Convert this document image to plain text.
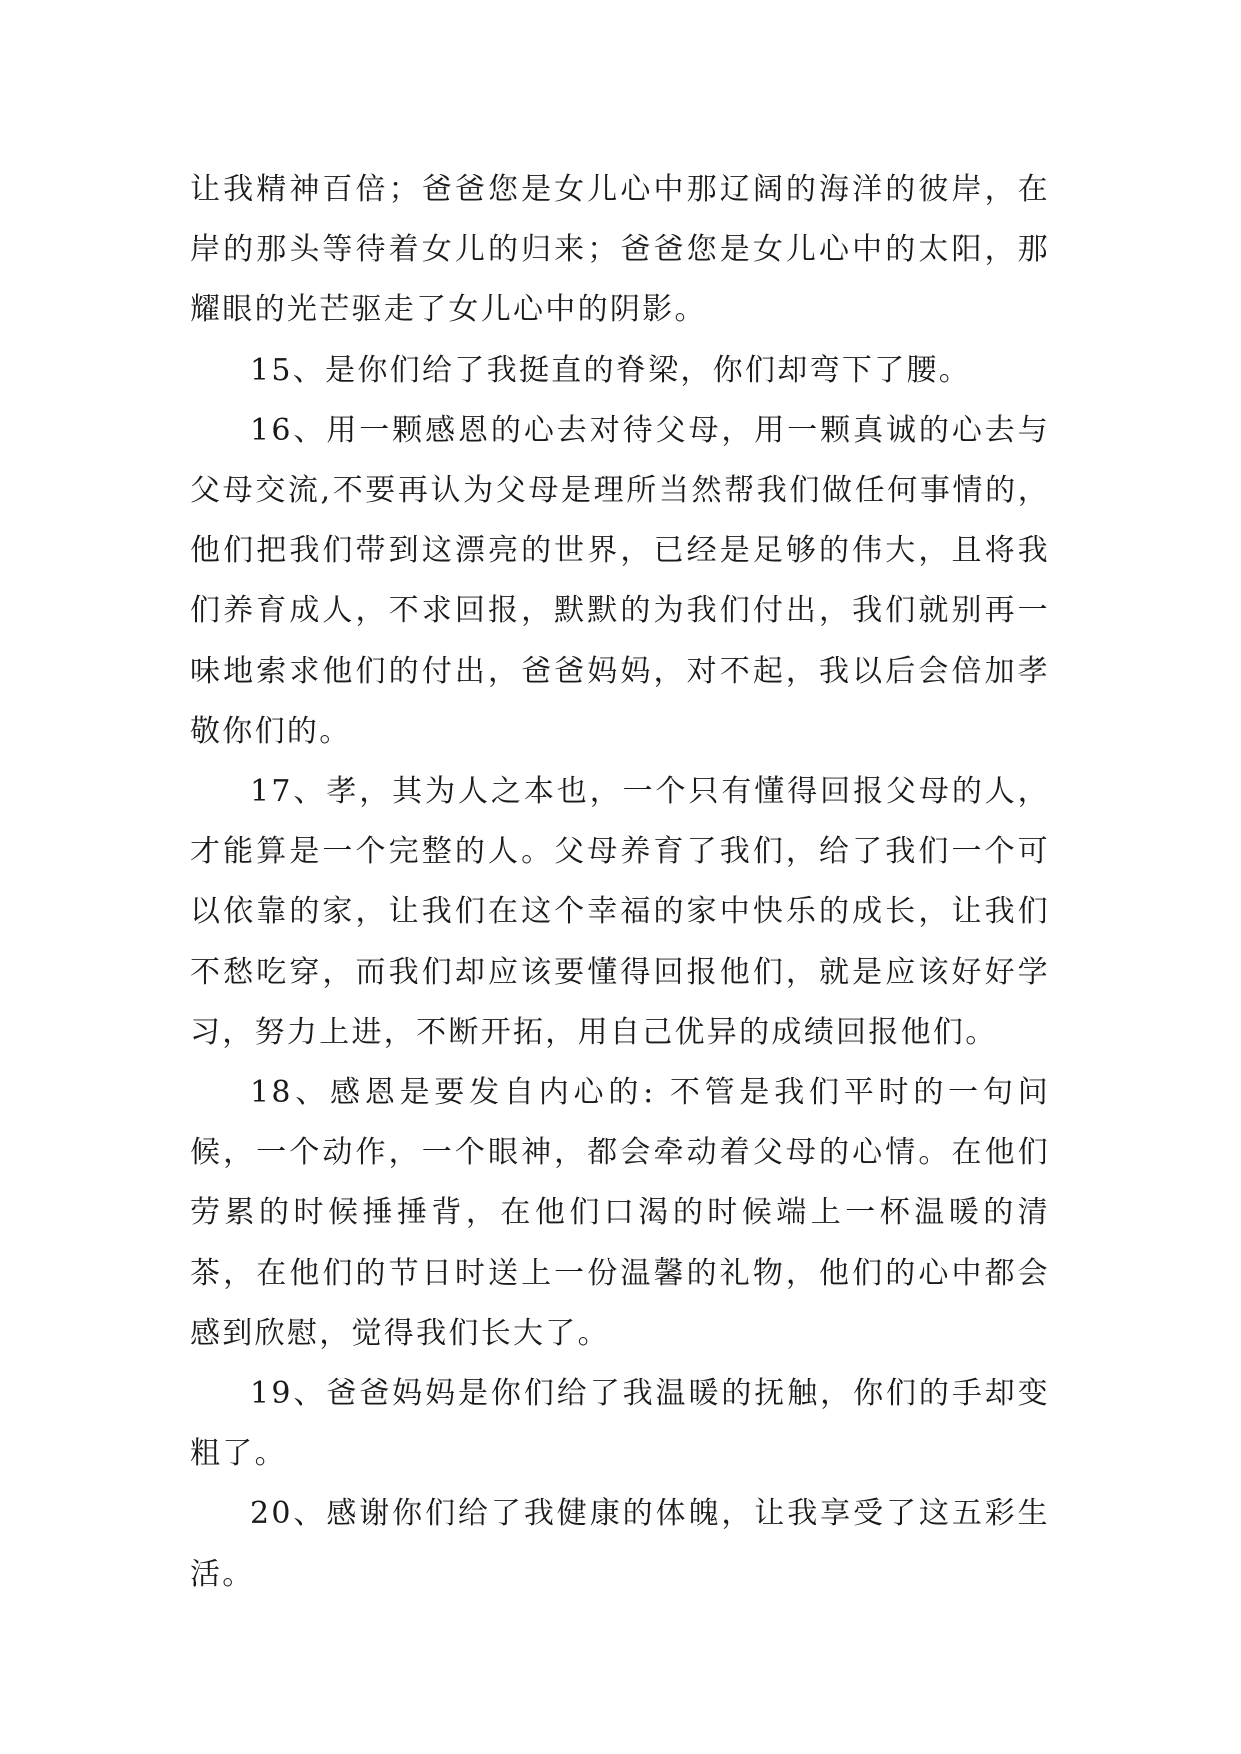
让我精神百倍；爸爸您是女儿心中那辽阔的海洋的彼岸，在岸的那头等待着女儿的归来；爸爸您是女儿心中的太阳，那耀眼的光芒驱走了女儿心中的阴影。

15、是你们给了我挺直的脊梁，你们却弯下了腰。

16、用一颗感恩的心去对待父母，用一颗真诚的心去与父母交流,不要再认为父母是理所当然帮我们做任何事情的，他们把我们带到这漂亮的世界，已经是足够的伟大，且将我们养育成人，不求回报，默默的为我们付出，我们就别再一味地索求他们的付出，爸爸妈妈，对不起，我以后会倍加孝敬你们的。

17、孝，其为人之本也，一个只有懂得回报父母的人，才能算是一个完整的人。父母养育了我们，给了我们一个可以依靠的家，让我们在这个幸福的家中快乐的成长，让我们不愁吃穿，而我们却应该要懂得回报他们，就是应该好好学习，努力上进，不断开拓，用自己优异的成绩回报他们。

18、感恩是要发自内心的: 不管是我们平时的一句问候，一个动作，一个眼神，都会牵动着父母的心情。在他们劳累的时候捶捶背，在他们口渴的时候端上一杯温暖的清茶，在他们的节日时送上一份温馨的礼物，他们的心中都会感到欣慰，觉得我们长大了。

19、爸爸妈妈是你们给了我温暖的抚触，你们的手却变粗了。

20、感谢你们给了我健康的体魄，让我享受了这五彩生活。
